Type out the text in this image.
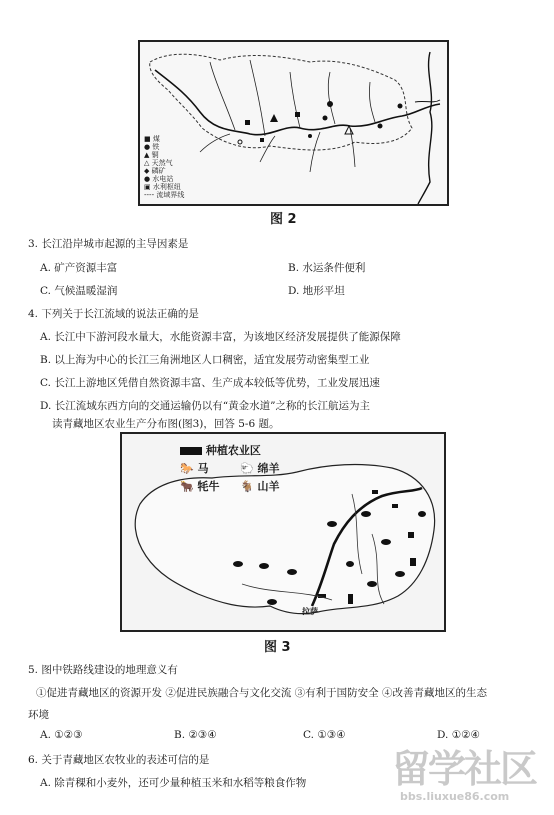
■ 煤
● 铁
▲ 铜
△ 天然气
◆ 磷矿
● 水电站
▣ 水利枢纽
---- 流域界线
图 2
3. 长江沿岸城市起源的主导因素是
A. 矿产资源丰富	B. 水运条件便利
C. 气候温暖湿润	D. 地形平坦
4. 下列关于长江流域的说法正确的是
A. 长江中下游河段水量大，水能资源丰富，为该地区经济发展提供了能源保障
B. 以上海为中心的长江三角洲地区人口稠密，适宜发展劳动密集型工业
C. 长江上游地区凭借自然资源丰富、生产成本较低等优势，工业发展迅速
D. 长江流域东西方向的交通运输仍以有“黄金水道”之称的长江航运为主
读青藏地区农业生产分布图(图3)，回答 5-6 题。
种植农业区
🐎 马	🐑 绵羊
🐂 牦牛 🐐 山羊
拉萨
图 3
5. 图中铁路线建设的地理意义有
①促进青藏地区的资源开发 ②促进民族融合与文化交流 ③有利于国防安全 ④改善青藏地区的生态
环境
A. ①②③	B. ②③④	C. ①③④	D. ①②④
6. 关于青藏地区农牧业的表述可信的是
A. 除青稞和小麦外，还可少量种植玉米和水稻等粮食作物 留学社区
bbs.liuxue86.com
